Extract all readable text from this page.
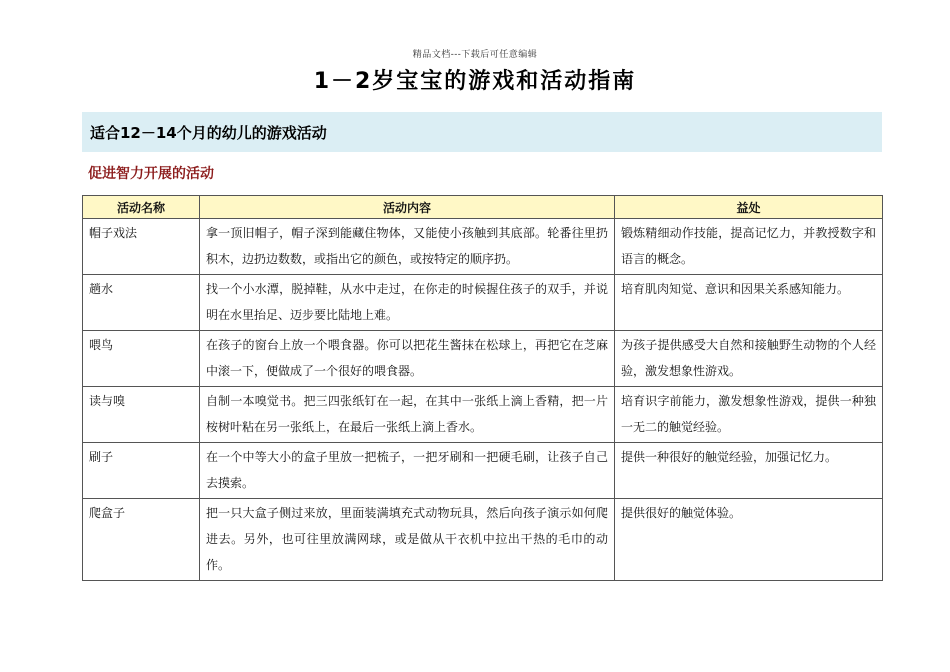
精品文档---下载后可任意编辑
1－2岁宝宝的游戏和活动指南
适合12－14个月的幼儿的游戏活动
促进智力开展的活动
活动名称	活动内容	益处
帽子戏法	拿一顶旧帽子，帽子深到能藏住物体，又能使小孩触到其底部。轮番往里扔积木，边扔边数数，或指出它的颜色，或按特定的顺序扔。	锻炼精细动作技能，提高记忆力，并教授数字和语言的概念。
趟水	找一个小水潭，脱掉鞋，从水中走过，在你走的时候握住孩子的双手，并说明在水里抬足、迈步要比陆地上难。	培育肌肉知觉、意识和因果关系感知能力。
喂鸟	在孩子的窗台上放一个喂食器。你可以把花生酱抹在松球上，再把它在芝麻中滚一下，便做成了一个很好的喂食器。	为孩子提供感受大自然和接触野生动物的个人经验，激发想象性游戏。
读与嗅	自制一本嗅觉书。把三四张纸钉在一起，在其中一张纸上滴上香精，把一片桉树叶粘在另一张纸上，在最后一张纸上滴上香水。	培育识字前能力，激发想象性游戏，提供一种独一无二的触觉经验。
刷子	在一个中等大小的盒子里放一把梳子，一把牙刷和一把硬毛刷，让孩子自己去摸索。	提供一种很好的触觉经验，加强记忆力。
爬盒子	把一只大盒子侧过来放，里面装满填充式动物玩具，然后向孩子演示如何爬进去。另外，也可往里放满网球，或是做从干衣机中拉出干热的毛巾的动作。	提供很好的触觉体验。
